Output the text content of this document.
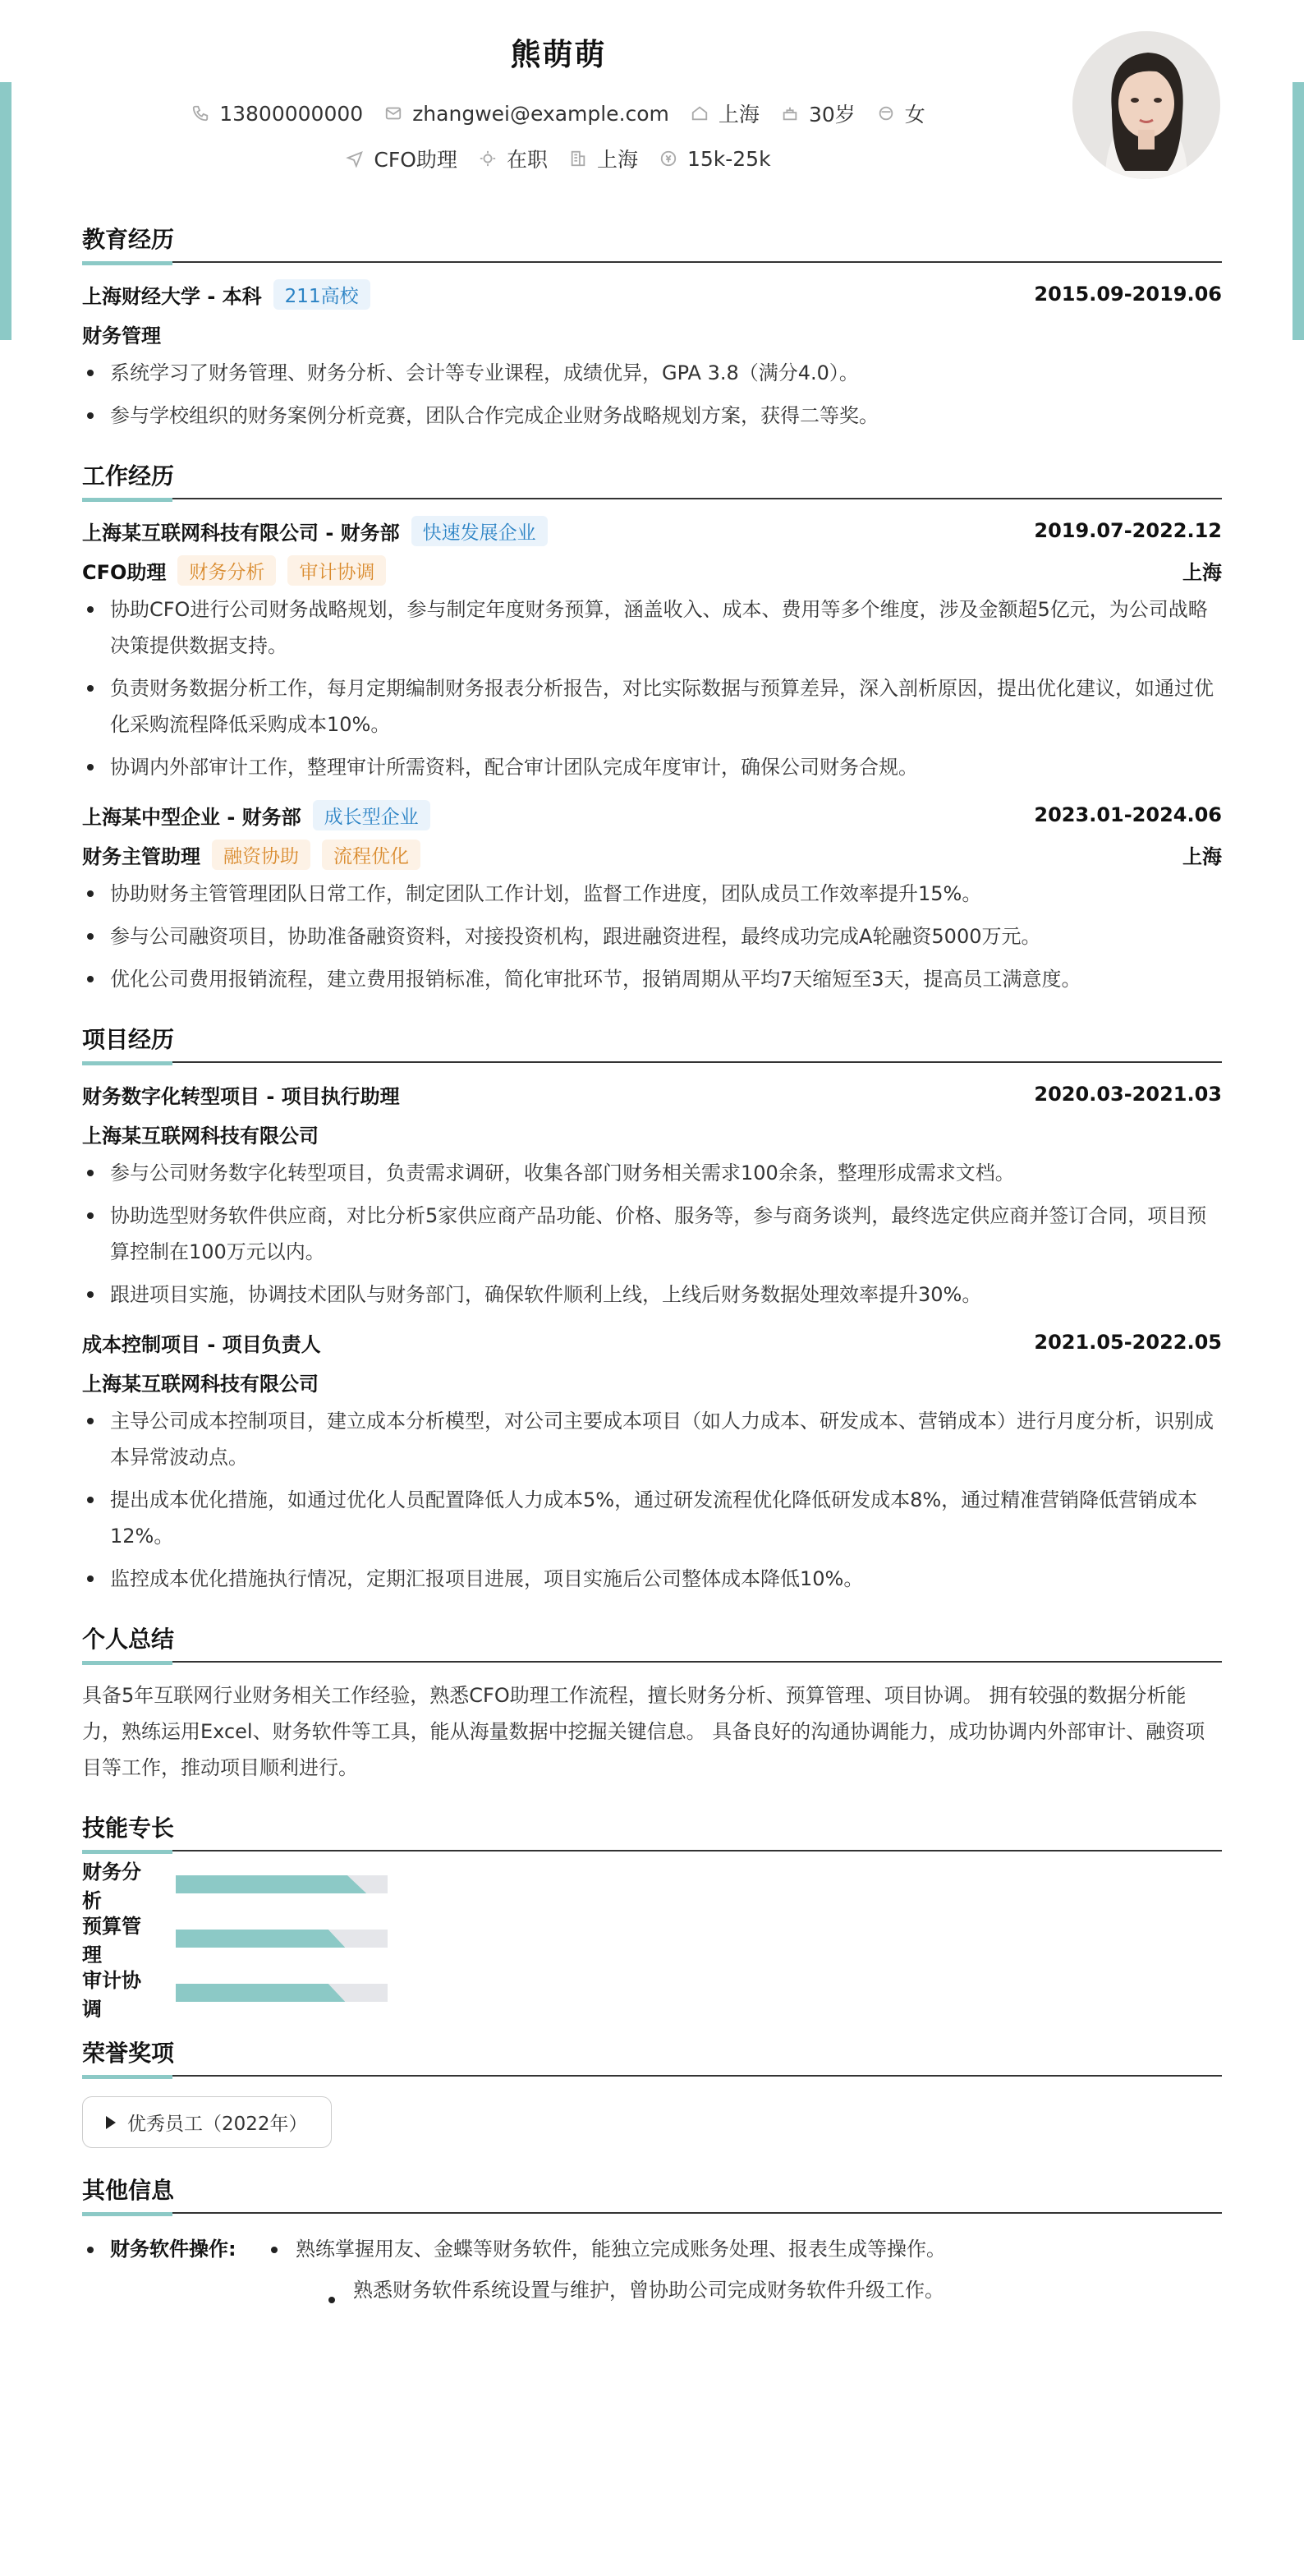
熊萌萌
13800000000 zhangwei@example.com 上海 30岁 女
CFO助理 在职 上海 15k-25k
教育经历
上海财经大学 - 本科	211高校	2015.09-2019.06
财务管理
系统学习了财务管理、财务分析、会计等专业课程，成绩优异，GPA 3.8（满分4.0）。
参与学校组织的财务案例分析竞赛，团队合作完成企业财务战略规划方案，获得二等奖。
工作经历
上海某互联网科技有限公司 - 财务部	快速发展企业	2019.07-2022.12
CFO助理	财务分析	审计协调	上海
协助CFO进行公司财务战略规划，参与制定年度财务预算，涵盖收入、成本、费用等多个维度，涉及金额超5亿元，为公司战略决策提供数据支持。
负责财务数据分析工作，每月定期编制财务报表分析报告，对比实际数据与预算差异，深入剖析原因，提出优化建议，如通过优化采购流程降低采购成本10%。
协调内外部审计工作，整理审计所需资料，配合审计团队完成年度审计，确保公司财务合规。
上海某中型企业 - 财务部	成长型企业	2023.01-2024.06
财务主管助理	融资协助	流程优化	上海
协助财务主管管理团队日常工作，制定团队工作计划，监督工作进度，团队成员工作效率提升15%。
参与公司融资项目，协助准备融资资料，对接投资机构，跟进融资进程，最终成功完成A轮融资5000万元。
优化公司费用报销流程，建立费用报销标准，简化审批环节，报销周期从平均7天缩短至3天，提高员工满意度。
项目经历
财务数字化转型项目 - 项目执行助理	2020.03-2021.03
上海某互联网科技有限公司
参与公司财务数字化转型项目，负责需求调研，收集各部门财务相关需求100余条，整理形成需求文档。
协助选型财务软件供应商，对比分析5家供应商产品功能、价格、服务等，参与商务谈判，最终选定供应商并签订合同，项目预算控制在100万元以内。
跟进项目实施，协调技术团队与财务部门，确保软件顺利上线，上线后财务数据处理效率提升30%。
成本控制项目 - 项目负责人	2021.05-2022.05
上海某互联网科技有限公司
主导公司成本控制项目，建立成本分析模型，对公司主要成本项目（如人力成本、研发成本、营销成本）进行月度分析，识别成本异常波动点。
提出成本优化措施，如通过优化人员配置降低人力成本5%，通过研发流程优化降低研发成本8%，通过精准营销降低营销成本12%。
监控成本优化措施执行情况，定期汇报项目进展，项目实施后公司整体成本降低10%。
个人总结
具备5年互联网行业财务相关工作经验，熟悉CFO助理工作流程，擅长财务分析、预算管理、项目协调。 拥有较强的数据分析能力，熟练运用Excel、财务软件等工具，能从海量数据中挖掘关键信息。 具备良好的沟通协调能力，成功协调内外部审计、融资项目等工作，推动项目顺利进行。
技能专长
财务分析
预算管理
审计协调
荣誉奖项
优秀员工（2022年）
其他信息
财务软件操作:	熟练掌握用友、金蝶等财务软件，能独立完成账务处理、报表生成等操作。
熟悉财务软件系统设置与维护，曾协助公司完成财务软件升级工作。
